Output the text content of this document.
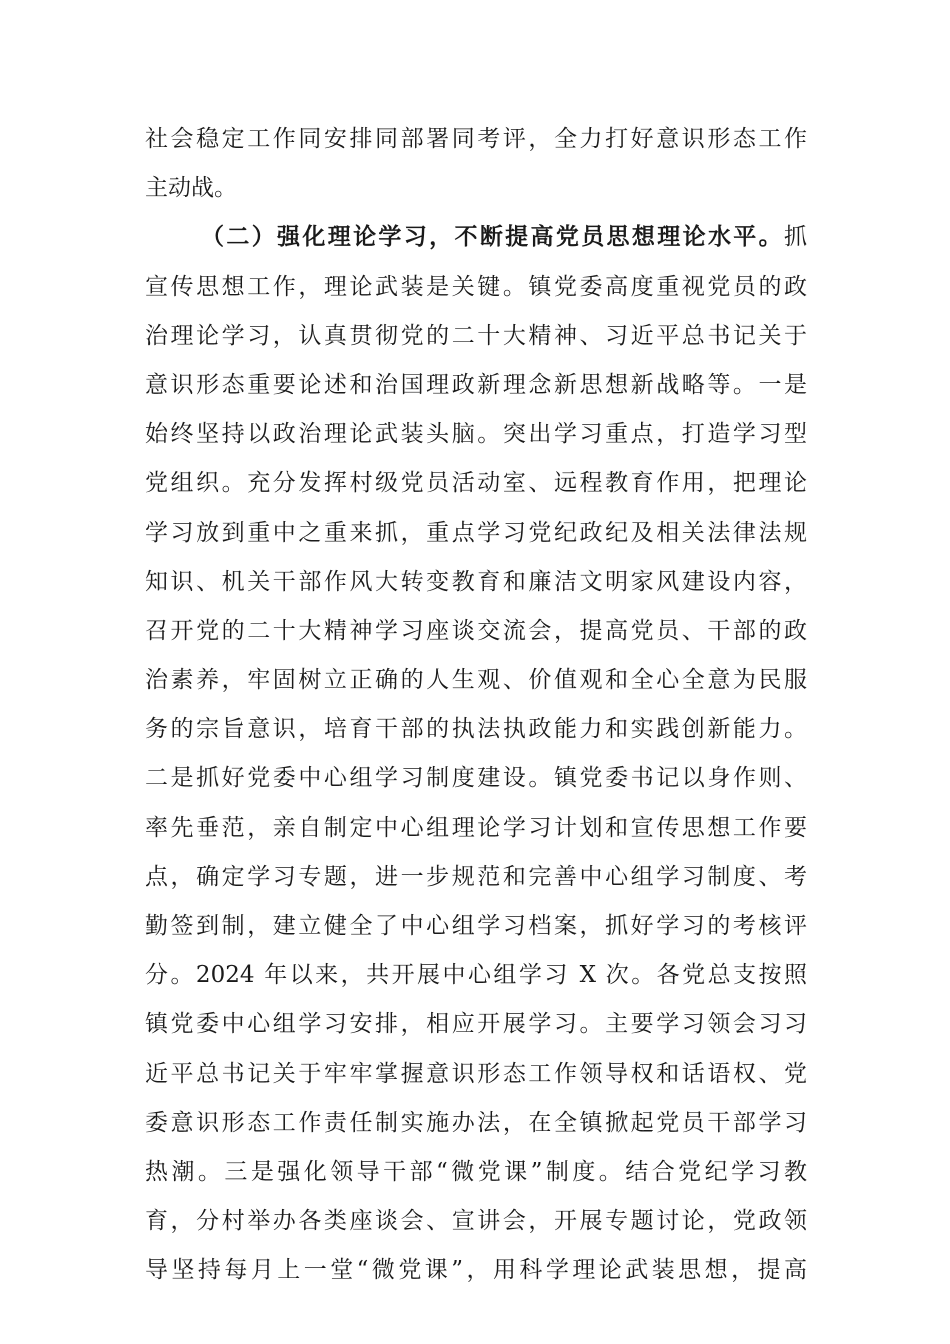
社会稳定工作同安排同部署同考评，全力打好意识形态工作
主动战。
（二）强化理论学习，不断提高党员思想理论水平。抓
宣传思想工作，理论武装是关键。镇党委高度重视党员的政
治理论学习，认真贯彻党的二十大精神、习近平总书记关于
意识形态重要论述和治国理政新理念新思想新战略等。一是
始终坚持以政治理论武装头脑。突出学习重点，打造学习型
党组织。充分发挥村级党员活动室、远程教育作用，把理论
学习放到重中之重来抓，重点学习党纪政纪及相关法律法规
知识、机关干部作风大转变教育和廉洁文明家风建设内容，
召开党的二十大精神学习座谈交流会，提高党员、干部的政
治素养，牢固树立正确的人生观、价值观和全心全意为民服
务的宗旨意识，培育干部的执法执政能力和实践创新能力。
二是抓好党委中心组学习制度建设。镇党委书记以身作则、
率先垂范，亲自制定中心组理论学习计划和宣传思想工作要
点，确定学习专题，进一步规范和完善中心组学习制度、考
勤签到制，建立健全了中心组学习档案，抓好学习的考核评
分。2024 年以来，共开展中心组学习 X 次。各党总支按照
镇党委中心组学习安排，相应开展学习。主要学习领会习习
近平总书记关于牢牢掌握意识形态工作领导权和话语权、党
委意识形态工作责任制实施办法，在全镇掀起党员干部学习
热潮。三是强化领导干部“微党课”制度。结合党纪学习教
育，分村举办各类座谈会、宣讲会，开展专题讨论，党政领
导坚持每月上一堂“微党课”，用科学理论武装思想，提高
